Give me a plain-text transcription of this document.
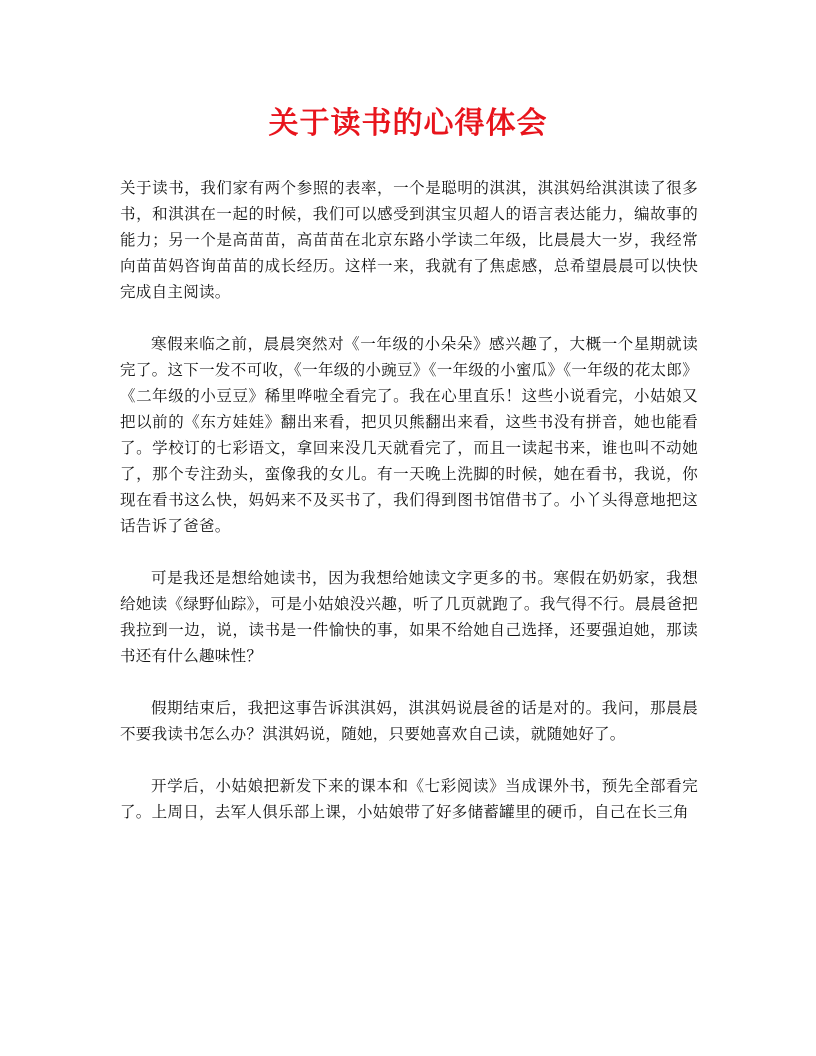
关于读书的心得体会

关于读书，我们家有两个参照的表率，一个是聪明的淇淇，淇淇妈给淇淇读了很多书，和淇淇在一起的时候，我们可以感受到淇宝贝超人的语言表达能力，编故事的能力；另一个是高苗苗，高苗苗在北京东路小学读二年级，比晨晨大一岁，我经常向苗苗妈咨询苗苗的成长经历。这样一来，我就有了焦虑感，总希望晨晨可以快快完成自主阅读。

寒假来临之前，晨晨突然对《一年级的小朵朵》感兴趣了，大概一个星期就读完了。这下一发不可收，《一年级的小豌豆》《一年级的小蜜瓜》《一年级的花太郎》《二年级的小豆豆》稀里哗啦全看完了。我在心里直乐！这些小说看完，小姑娘又把以前的《东方娃娃》翻出来看，把贝贝熊翻出来看，这些书没有拼音，她也能看了。学校订的七彩语文，拿回来没几天就看完了，而且一读起书来，谁也叫不动她了，那个专注劲头，蛮像我的女儿。有一天晚上洗脚的时候，她在看书，我说，你现在看书这么快，妈妈来不及买书了，我们得到图书馆借书了。小丫头得意地把这话告诉了爸爸。

可是我还是想给她读书，因为我想给她读文字更多的书。寒假在奶奶家，我想给她读《绿野仙踪》，可是小姑娘没兴趣，听了几页就跑了。我气得不行。晨晨爸把我拉到一边，说，读书是一件愉快的事，如果不给她自己选择，还要强迫她，那读书还有什么趣味性？

假期结束后，我把这事告诉淇淇妈，淇淇妈说晨爸的话是对的。我问，那晨晨不要我读书怎么办？淇淇妈说，随她，只要她喜欢自己读，就随她好了。

开学后，小姑娘把新发下来的课本和《七彩阅读》当成课外书，预先全部看完了。上周日，去军人俱乐部上课，小姑娘带了好多储蓄罐里的硬币，自己在长三角
